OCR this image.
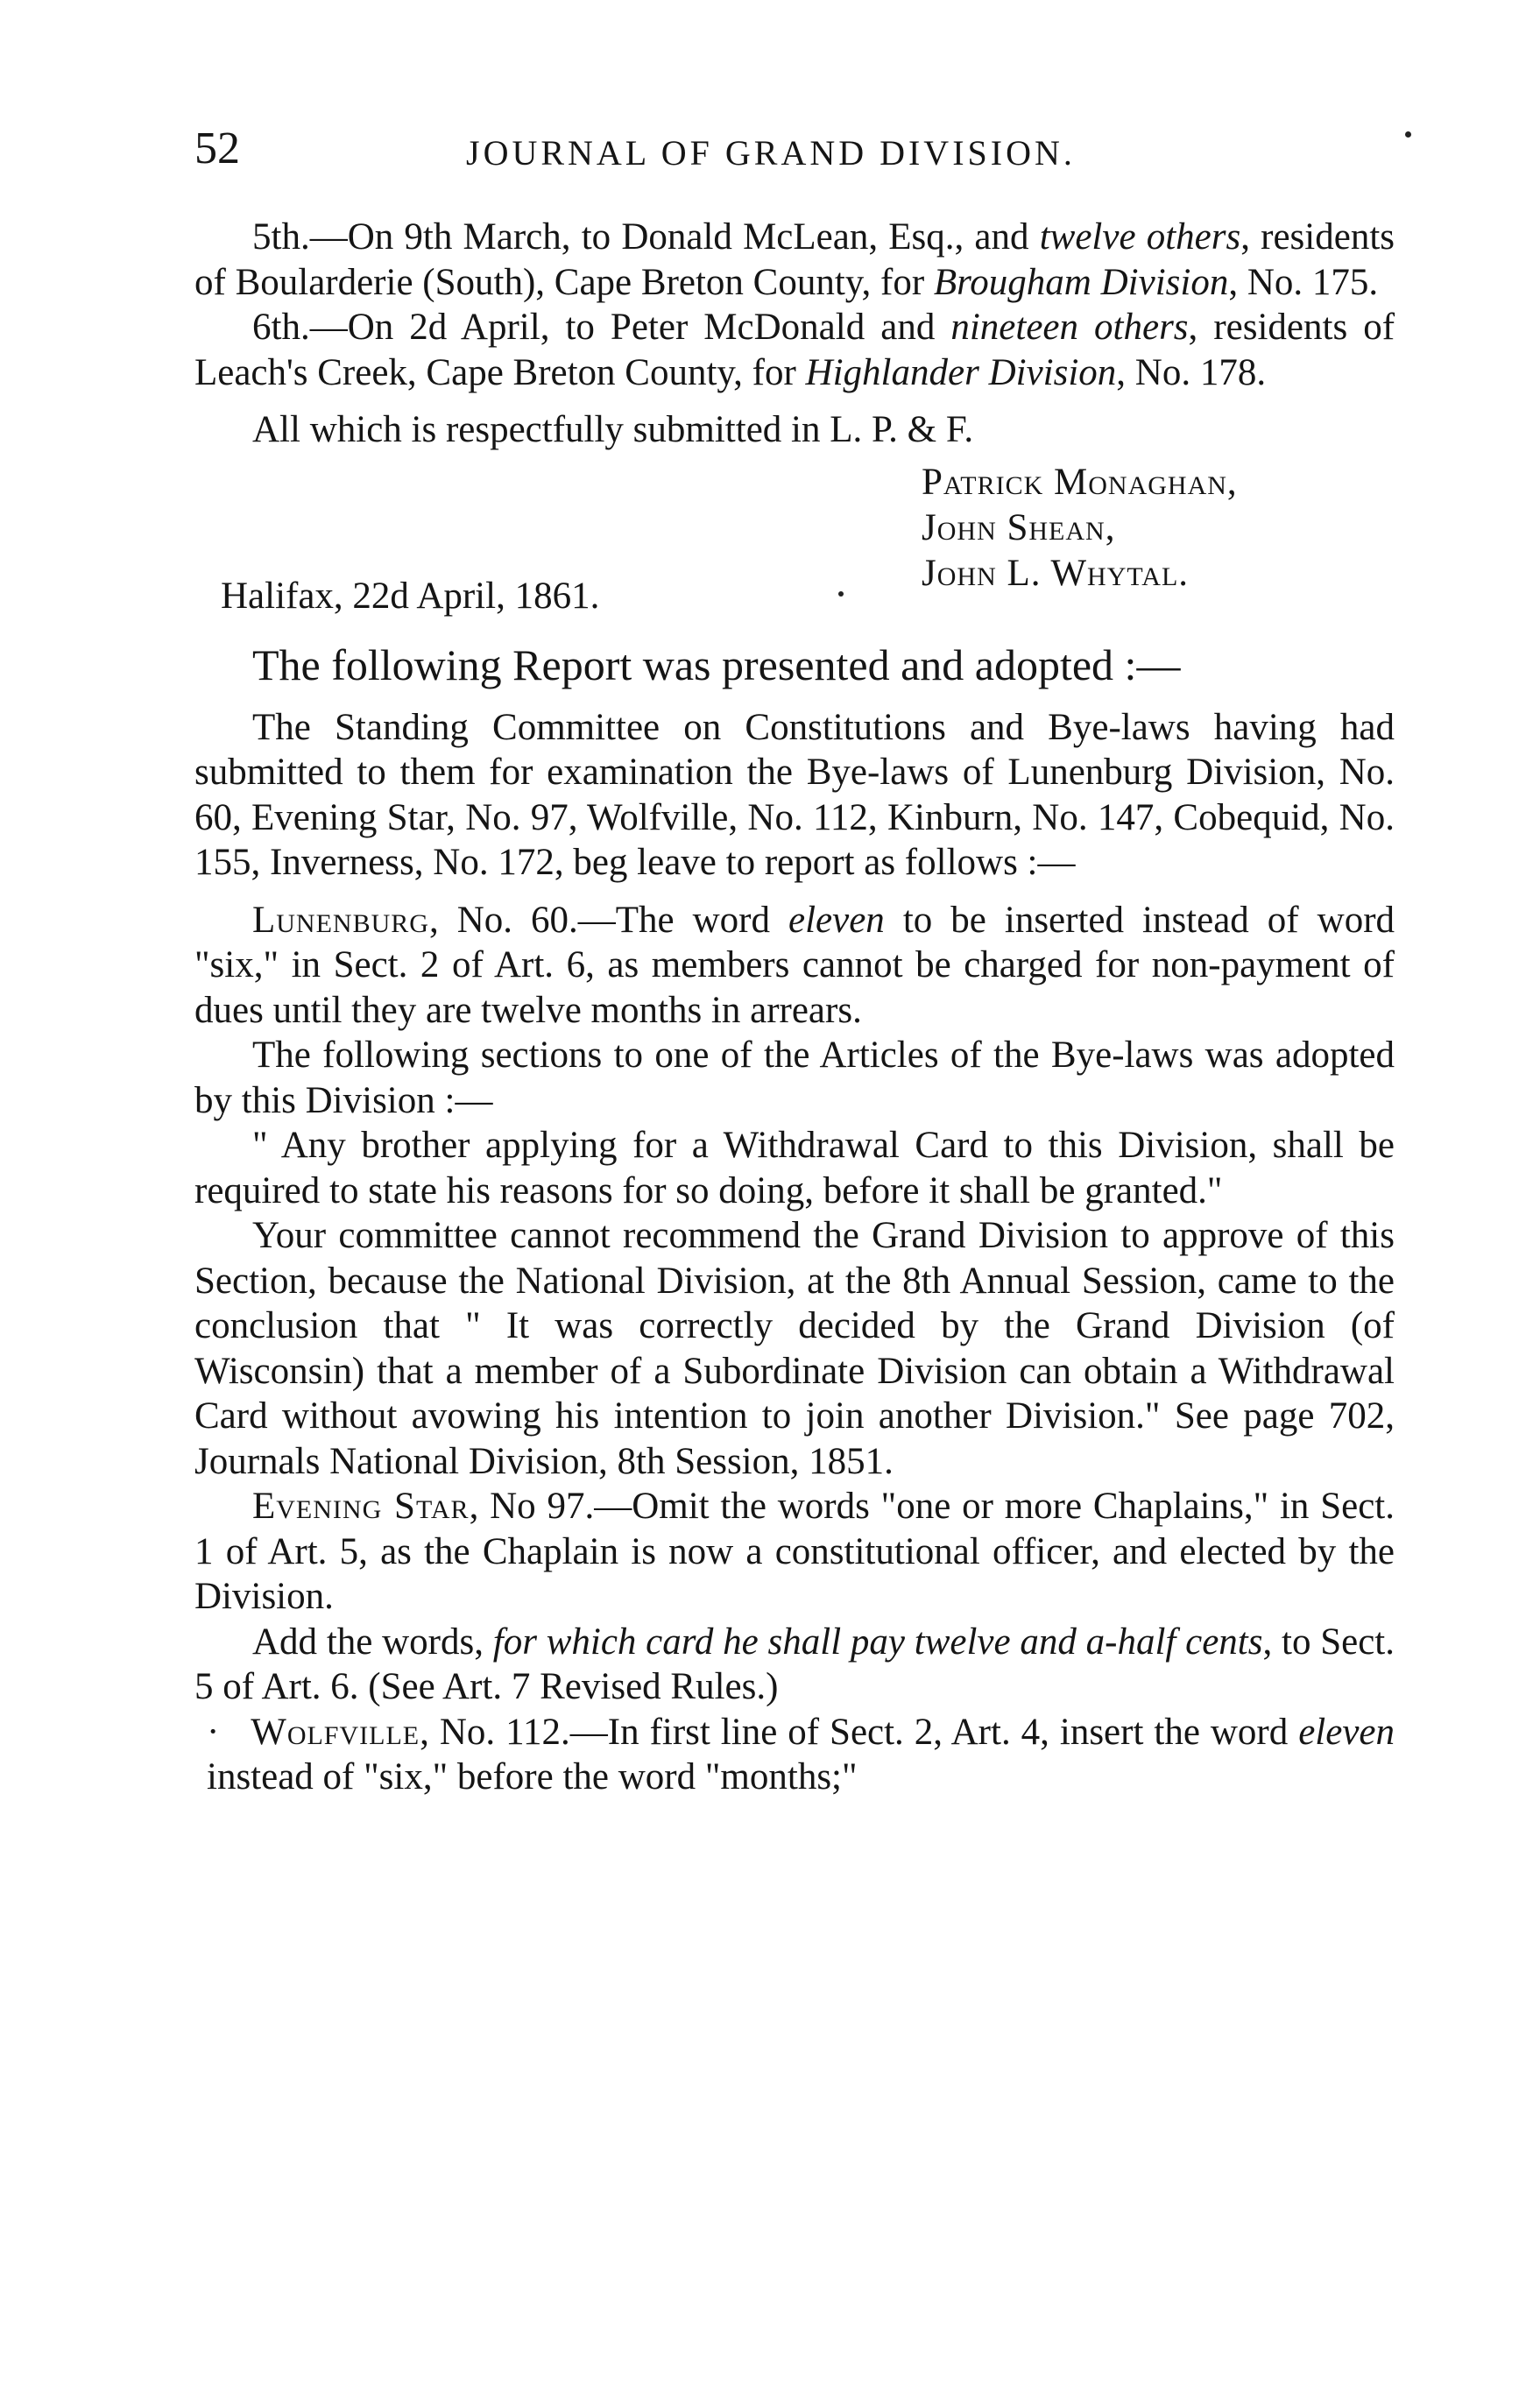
52	JOURNAL OF GRAND DIVISION.

5th.—On 9th March, to Donald McLean, Esq., and twelve others, residents of Boularderie (South), Cape Breton County, for Brougham Division, No. 175.

6th.—On 2d April, to Peter McDonald and nineteen others, residents of Leach's Creek, Cape Breton County, for Highlander Division, No. 178.

All which is respectfully submitted in L. P. & F.

Patrick Monaghan,
John Shean,
John L. Whytal.
Halifax, 22d April, 1861.

The following Report was presented and adopted :—

The Standing Committee on Constitutions and Bye-laws having had submitted to them for examination the Bye-laws of Lunenburg Division, No. 60, Evening Star, No. 97, Wolfville, No. 112, Kinburn, No. 147, Cobequid, No. 155, Inverness, No. 172, beg leave to report as follows :—

Lunenburg, No. 60.—The word eleven to be inserted instead of word "six," in Sect. 2 of Art. 6, as members cannot be charged for non-payment of dues until they are twelve months in arrears.

The following sections to one of the Articles of the Bye-laws was adopted by this Division :—

" Any brother applying for a Withdrawal Card to this Division, shall be required to state his reasons for so doing, before it shall be granted."

Your committee cannot recommend the Grand Division to approve of this Section, because the National Division, at the 8th Annual Session, came to the conclusion that " It was correctly decided by the Grand Division (of Wisconsin) that a member of a Subordinate Division can obtain a Withdrawal Card without avowing his intention to join another Division." See page 702, Journals National Division, 8th Session, 1851.

Evening Star, No 97.—Omit the words "one or more Chaplains," in Sect. 1 of Art. 5, as the Chaplain is now a constitutional officer, and elected by the Division.

Add the words, for which card he shall pay twelve and a-half cents, to Sect. 5 of Art. 6. (See Art. 7 Revised Rules.)

· Wolfville, No. 112.—In first line of Sect. 2, Art. 4, insert the word eleven instead of "six," before the word "months;"
